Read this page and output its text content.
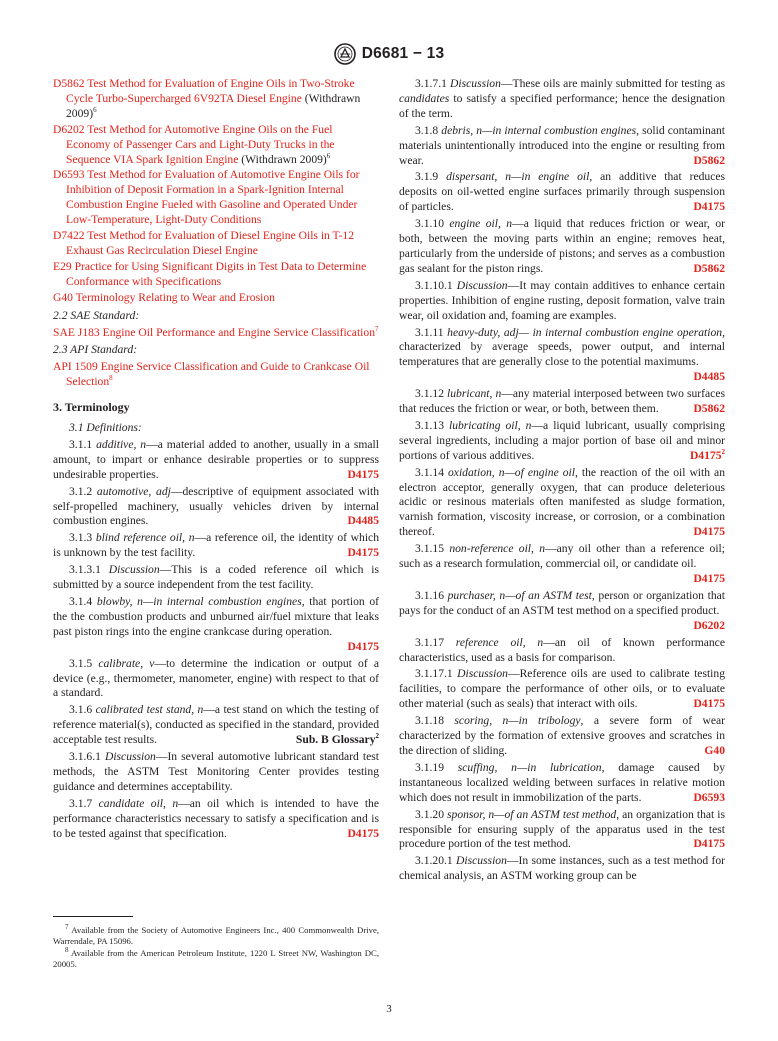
D6681 − 13
D5862 Test Method for Evaluation of Engine Oils in Two-Stroke Cycle Turbo-Supercharged 6V92TA Diesel Engine (Withdrawn 2009)$^6$
D6202 Test Method for Automotive Engine Oils on the Fuel Economy of Passenger Cars and Light-Duty Trucks in the Sequence VIA Spark Ignition Engine (Withdrawn 2009)$^6$
D6593 Test Method for Evaluation of Automotive Engine Oils for Inhibition of Deposit Formation in a Spark-Ignition Internal Combustion Engine Fueled with Gasoline and Operated Under Low-Temperature, Light-Duty Conditions
D7422 Test Method for Evaluation of Diesel Engine Oils in T-12 Exhaust Gas Recirculation Diesel Engine
E29 Practice for Using Significant Digits in Test Data to Determine Conformance with Specifications
G40 Terminology Relating to Wear and Erosion
2.2 SAE Standard:
SAE J183 Engine Oil Performance and Engine Service Classification$^7$
2.3 API Standard:
API 1509 Engine Service Classification and Guide to Crankcase Oil Selection$^8$
3. Terminology
3.1 Definitions:
3.1.1 additive, n—a material added to another, usually in a small amount, to impart or enhance desirable properties or to suppress undesirable properties.	D4175
3.1.2 automotive, adj—descriptive of equipment associated with self-propelled machinery, usually vehicles driven by internal combustion engines.	D4485
3.1.3 blind reference oil, n—a reference oil, the identity of which is unknown by the test facility.	D4175
3.1.3.1 Discussion—This is a coded reference oil which is submitted by a source independent from the test facility.
3.1.4 blowby, n—in internal combustion engines, that portion of the the combustion products and unburned air/fuel mixture that leaks past piston rings into the engine crankcase during operation.
D4175
3.1.5 calibrate, v—to determine the indication or output of a device (e.g., thermometer, manometer, engine) with respect to that of a standard.
3.1.6 calibrated test stand, n—a test stand on which the testing of reference material(s), conducted as specified in the standard, provided acceptable test results.	Sub. B Glossary$^2$
3.1.6.1 Discussion—In several automotive lubricant standard test methods, the ASTM Test Monitoring Center provides testing guidance and determines acceptability.
3.1.7 candidate oil, n—an oil which is intended to have the performance characteristics necessary to satisfy a specification and is to be tested against that specification.	D4175
$^7$ Available from the Society of Automotive Engineers Inc., 400 Commonwealth Drive, Warrendale, PA 15096.
$^8$ Available from the American Petroleum Institute, 1220 L Street NW, Washington DC, 20005.
3.1.7.1 Discussion—These oils are mainly submitted for testing as candidates to satisfy a specified performance; hence the designation of the term.
3.1.8 debris, n—in internal combustion engines, solid contaminant materials unintentionally introduced into the engine or resulting from wear.	D5862
3.1.9 dispersant, n—in engine oil, an additive that reduces deposits on oil-wetted engine surfaces primarily through suspension of particles.	D4175
3.1.10 engine oil, n—a liquid that reduces friction or wear, or both, between the moving parts within an engine; removes heat, particularly from the underside of pistons; and serves as a combustion gas sealant for the piston rings.	D5862
3.1.10.1 Discussion—It may contain additives to enhance certain properties. Inhibition of engine rusting, deposit formation, valve train wear, oil oxidation and, foaming are examples.
3.1.11 heavy-duty, adj— in internal combustion engine operation, characterized by average speeds, power output, and internal temperatures that are generally close to the potential maximums.
D4485
3.1.12 lubricant, n—any material interposed between two surfaces that reduces the friction or wear, or both, between them.	D5862
3.1.13 lubricating oil, n—a liquid lubricant, usually comprising several ingredients, including a major portion of base oil and minor portions of various additives.	D4175$^2$
3.1.14 oxidation, n—of engine oil, the reaction of the oil with an electron acceptor, generally oxygen, that can produce deleterious acidic or resinous materials often manifested as sludge formation, varnish formation, viscosity increase, or corrosion, or a combination thereof.	D4175
3.1.15 non-reference oil, n—any oil other than a reference oil; such as a research formulation, commercial oil, or candidate oil.
D4175
3.1.16 purchaser, n—of an ASTM test, person or organization that pays for the conduct of an ASTM test method on a specified product.
D6202
3.1.17 reference oil, n—an oil of known performance characteristics, used as a basis for comparison.
3.1.17.1 Discussion—Reference oils are used to calibrate testing facilities, to compare the performance of other oils, or to evaluate other material (such as seals) that interact with oils.	D4175
3.1.18 scoring, n—in tribology, a severe form of wear characterized by the formation of extensive grooves and scratches in the direction of sliding.	G40
3.1.19 scuffing, n—in lubrication, damage caused by instantaneous localized welding between surfaces in relative motion which does not result in immobilization of the parts.	D6593
3.1.20 sponsor, n—of an ASTM test method, an organization that is responsible for ensuring supply of the apparatus used in the test procedure portion of the test method.	D4175
3.1.20.1 Discussion—In some instances, such as a test method for chemical analysis, an ASTM working group can be
3
